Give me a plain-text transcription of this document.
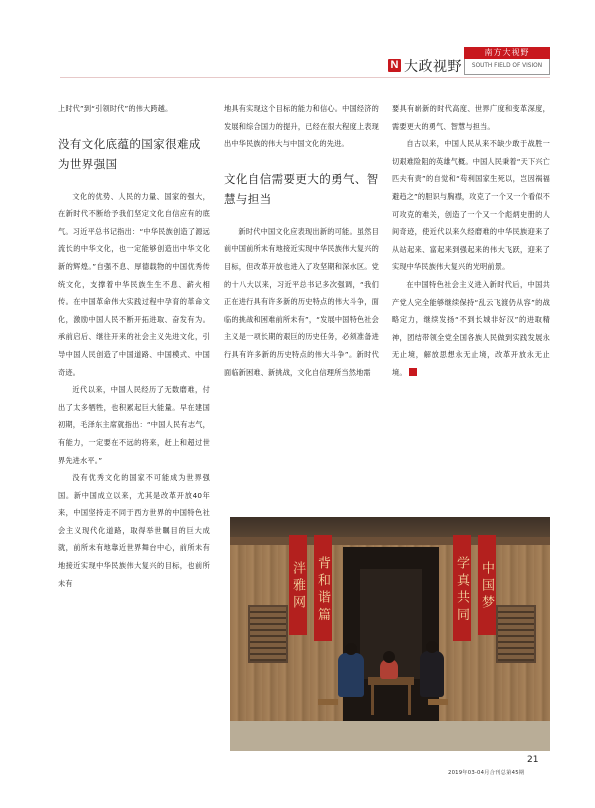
N 大政视野
南方大视野
SOUTH FIELD OF VISION

上时代”到“引领时代”的伟大跨越。

没有文化底蕴的国家很难成为世界强国

文化的优势、人民的力量、国家的强大，在新时代不断给予我们坚定文化自信应有的底气。习近平总书记指出：“中华民族创造了源远流长的中华文化，也一定能够创造出中华文化新的辉煌。”自强不息、厚德载物的中国优秀传统文化，支撑着中华民族生生不息、薪火相传。在中国革命伟大实践过程中孕育的革命文化，激励中国人民不断开拓进取、奋发有为。承前启后、继往开来的社会主义先进文化，引导中国人民创造了中国道路、中国模式、中国奇迹。

近代以来，中国人民经历了无数磨难，付出了太多牺牲，也积累起巨大能量。早在建国初期，毛泽东主席就指出：“中国人民有志气，有能力，一定要在不远的将来，赶上和超过世界先进水平。”

没有优秀文化的国家不可能成为世界强国。新中国成立以来，尤其是改革开放40年来，中国坚持走不同于西方世界的中国特色社会主义现代化道路，取得举世瞩目的巨大成就，前所未有地靠近世界舞台中心，前所未有地接近实现中华民族伟大复兴的目标，也前所未有

地具有实现这个目标的能力和信心。中国经济的发展和综合国力的提升，已经在很大程度上表现出中华民族的伟大与中国文化的先进。

文化自信需要更大的勇气、智慧与担当

新时代中国文化应表现出新的可能。虽然目前中国前所未有地接近实现中华民族伟大复兴的目标，但改革开放也进入了攻坚期和深水区。党的十八大以来，习近平总书记多次强调，“我们正在进行具有许多新的历史特点的伟大斗争，面临的挑战和困难前所未有”，“发展中国特色社会主义是一项长期的艰巨的历史任务，必须准备进行具有许多新的历史特点的伟大斗争”。新时代面临新困难、新挑战，文化自信理所当然地需

要具有崭新的时代高度、世界广度和变革深度，需要更大的勇气、智慧与担当。

自古以来，中国人民从来不缺少敢于战胜一切艰难险阻的英雄气概。中国人民秉着“天下兴亡匹夫有责”的自觉和“苟利国家生死以，岂因祸福避趋之”的胆识与胸襟，攻克了一个又一个看似不可攻克的难关，创造了一个又一个彪炳史册的人间奇迹，使近代以来久经磨难的中华民族迎来了从站起来、富起来到强起来的伟大飞跃，迎来了实现中华民族伟大复兴的光明前景。

在中国特色社会主义进入新时代后，中国共产党人完全能够继续保持“乱云飞渡仍从容”的战略定力，继续发扬“不到长城非好汉”的进取精神，团结带领全党全国各族人民做到实践发展永无止境，解放思想永无止境，改革开放永无止境。

泮 雅 网 背 和 谐 篇	学 真 共 同 中 国 梦
21
2019年03-04月合刊总第45期
